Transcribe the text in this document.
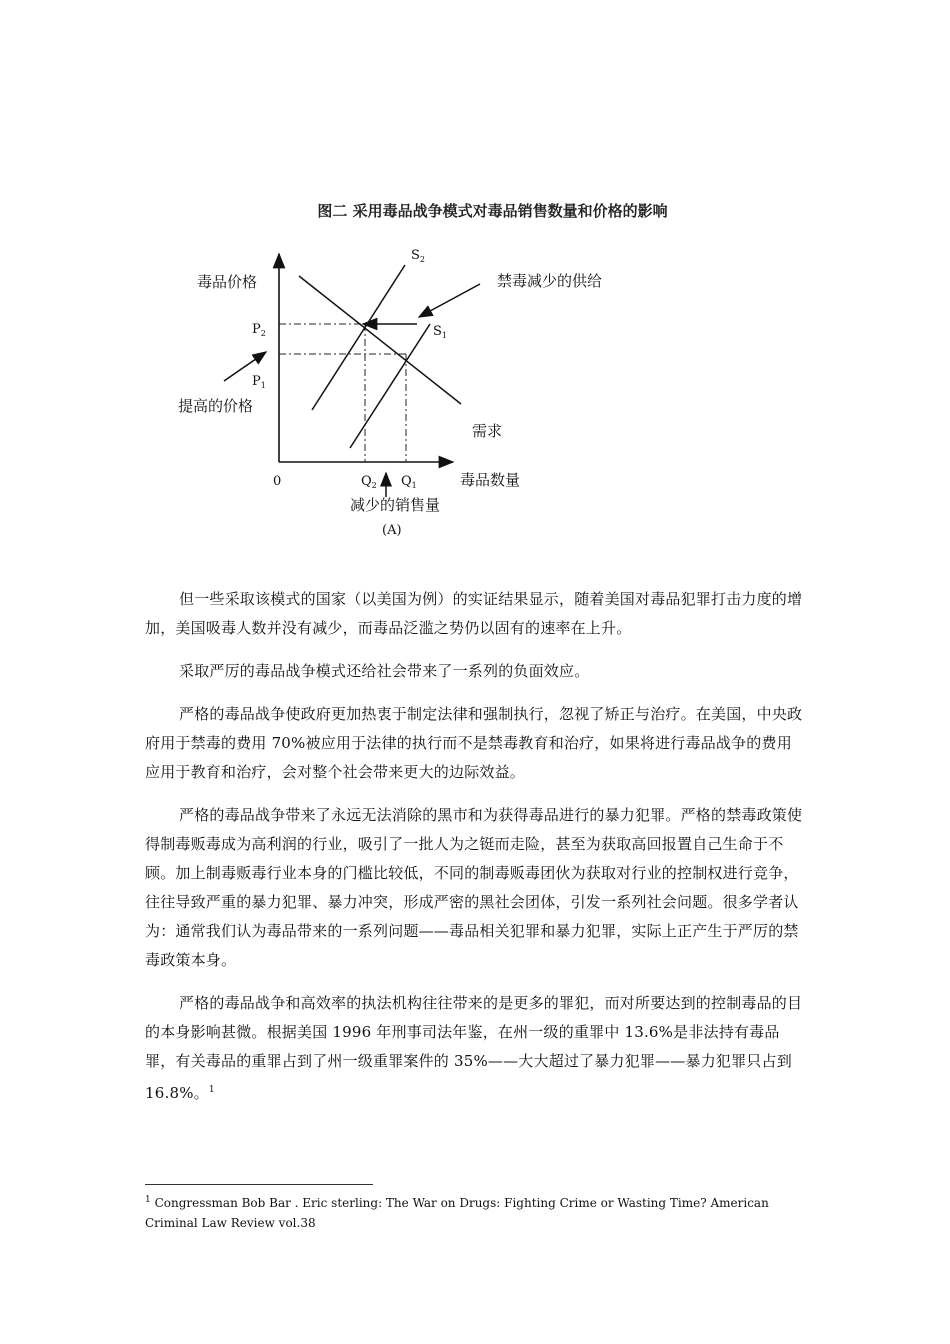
图二 采用毒品战争模式对毒品销售数量和价格的影响
毒品价格
$S_2$
禁毒减少的供给
$P_2$	$S_1$
$P_1$
提高的价格
需求
0	$Q_2$ $Q_1$	毒品数量
减少的销售量
(A)

但一些采取该模式的国家（以美国为例）的实证结果显示，随着美国对毒品犯罪打击力度的增加，美国吸毒人数并没有减少，而毒品泛滥之势仍以固有的速率在上升。

采取严厉的毒品战争模式还给社会带来了一系列的负面效应。

严格的毒品战争使政府更加热衷于制定法律和强制执行，忽视了矫正与治疗。在美国，中央政府用于禁毒的费用 70%被应用于法律的执行而不是禁毒教育和治疗，如果将进行毒品战争的费用应用于教育和治疗，会对整个社会带来更大的边际效益。

严格的毒品战争带来了永远无法消除的黑市和为获得毒品进行的暴力犯罪。严格的禁毒政策使得制毒贩毒成为高利润的行业，吸引了一批人为之铤而走险，甚至为获取高回报置自己生命于不顾。加上制毒贩毒行业本身的门槛比较低，不同的制毒贩毒团伙为获取对行业的控制权进行竞争，往往导致严重的暴力犯罪、暴力冲突，形成严密的黑社会团体，引发一系列社会问题。很多学者认为：通常我们认为毒品带来的一系列问题——毒品相关犯罪和暴力犯罪，实际上正产生于严厉的禁毒政策本身。

严格的毒品战争和高效率的执法机构往往带来的是更多的罪犯，而对所要达到的控制毒品的目的本身影响甚微。根据美国 1996 年刑事司法年鉴，在州一级的重罪中 13.6%是非法持有毒品罪，有关毒品的重罪占到了州一级重罪案件的 35%——大大超过了暴力犯罪——暴力犯罪只占到 16.8%。$^1$

$^1$ Congressman Bob Bar . Eric sterling: The War on Drugs: Fighting Crime or Wasting Time? American Criminal Law Review vol.38
